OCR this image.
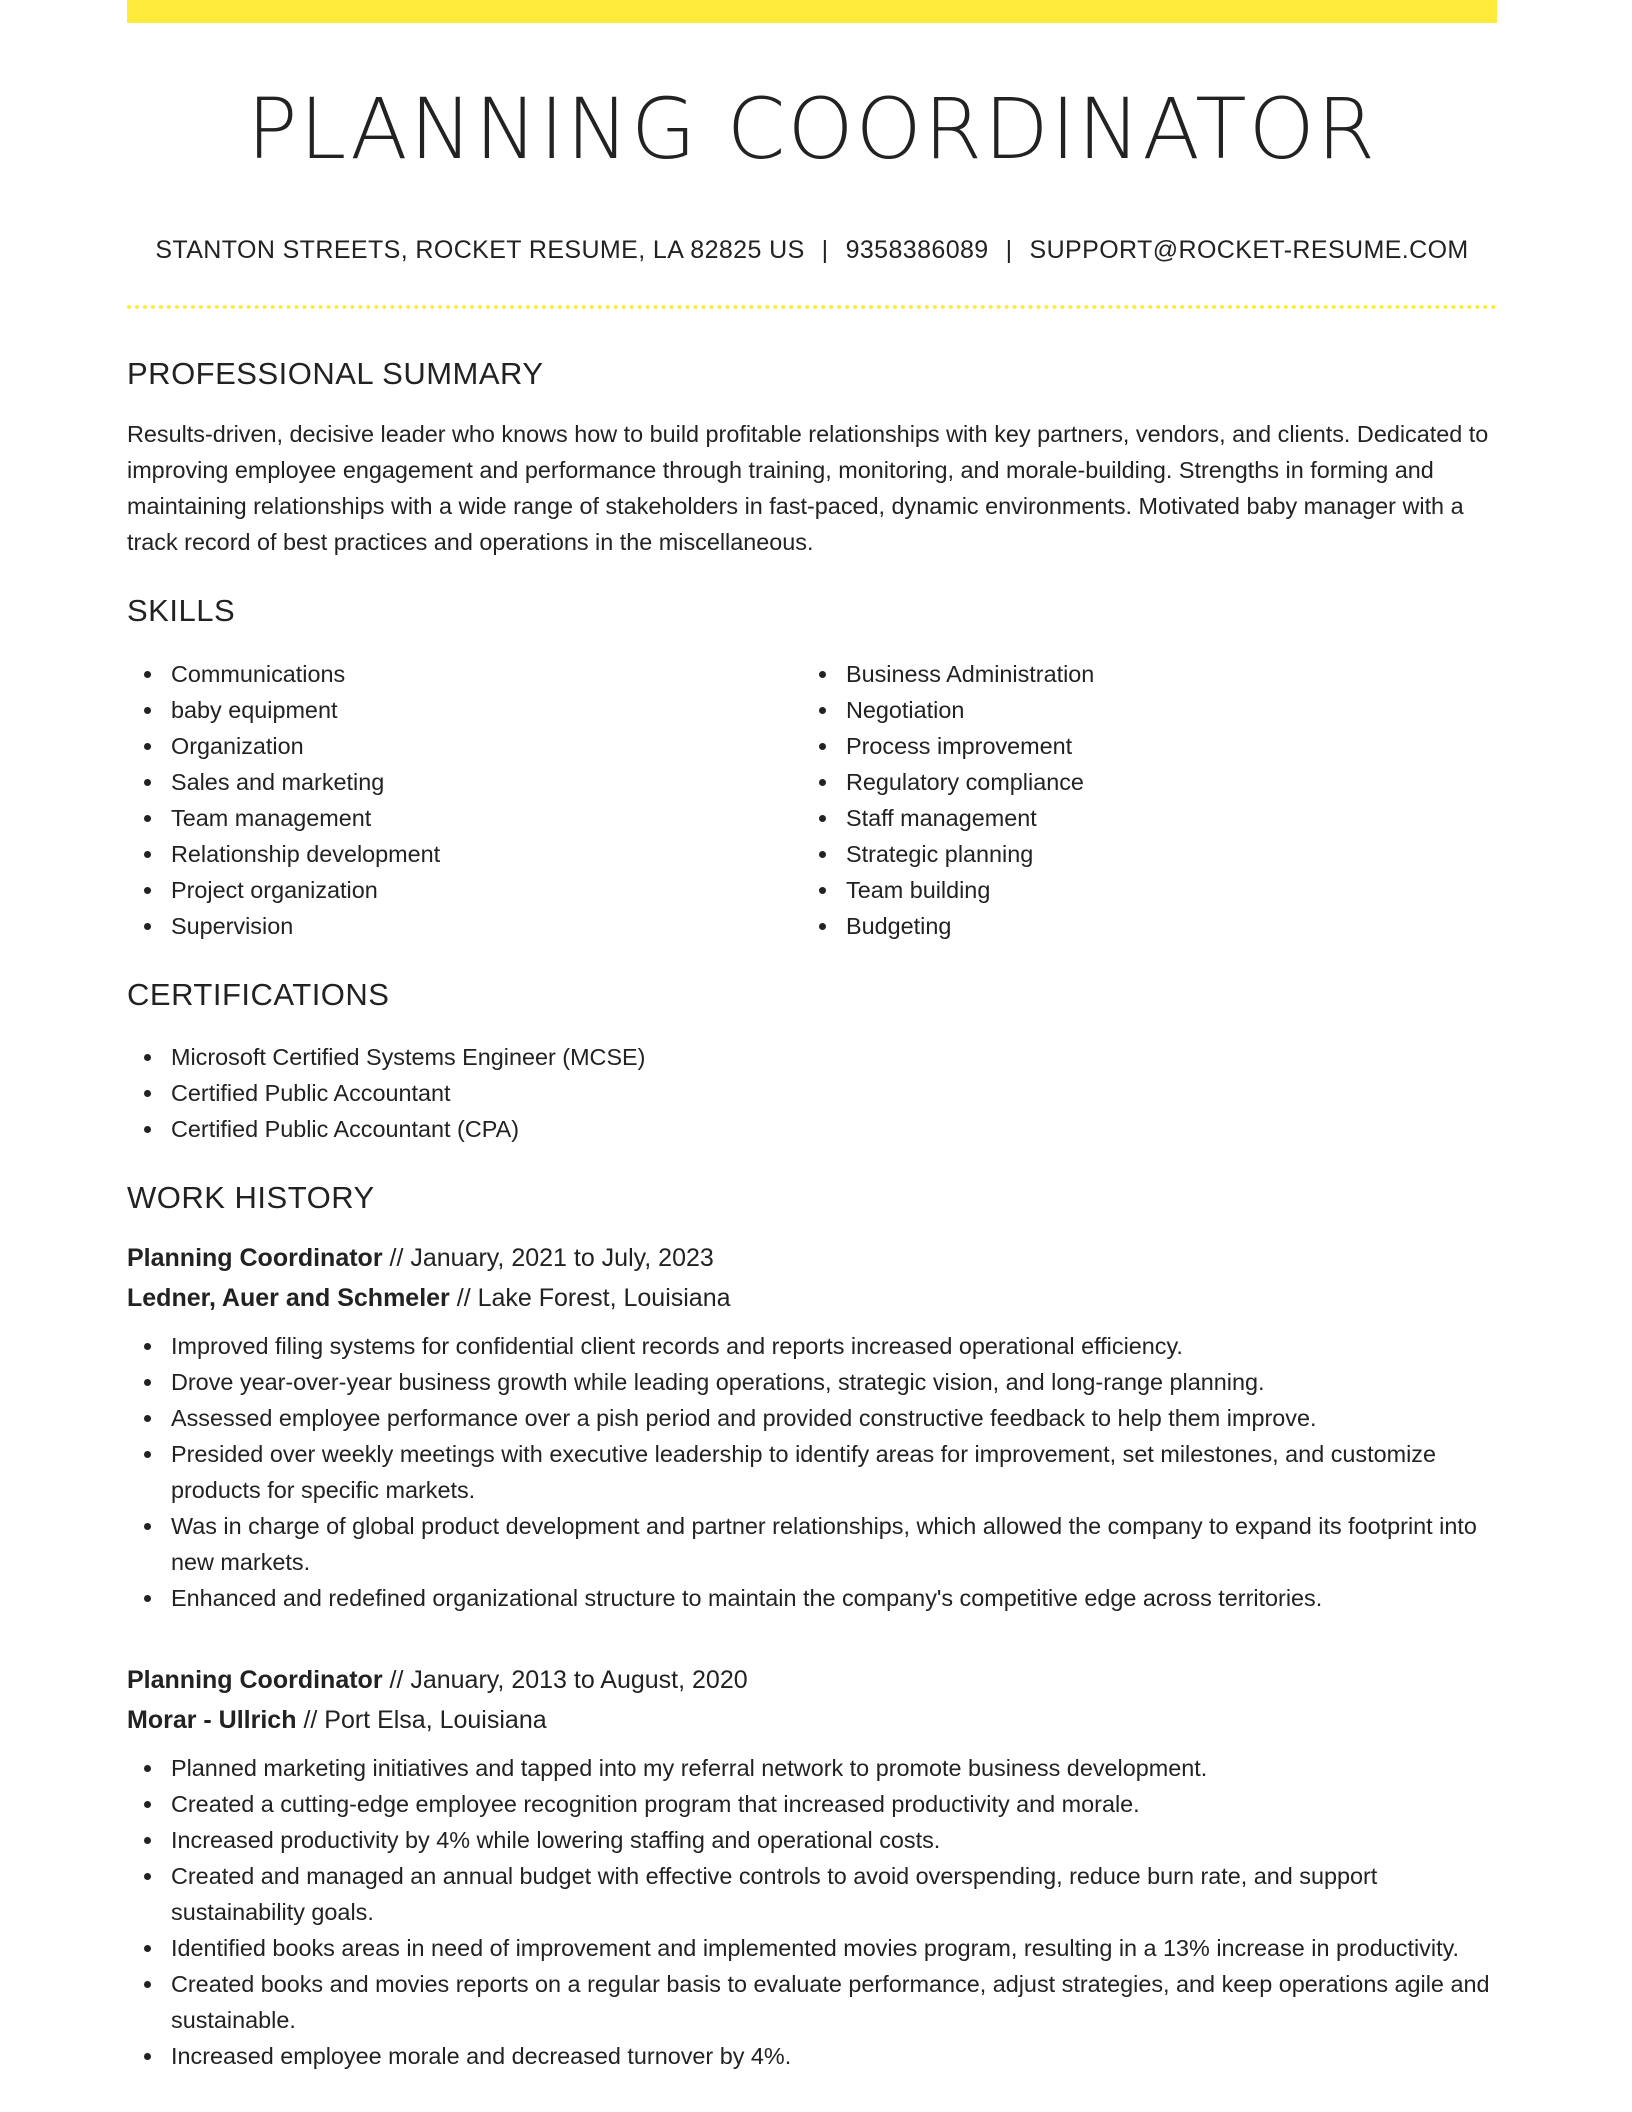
PLANNING COORDINATOR
STANTON STREETS, ROCKET RESUME, LA 82825 US | 9358386089 | SUPPORT@ROCKET-RESUME.COM
PROFESSIONAL SUMMARY

Results-driven, decisive leader who knows how to build profitable relationships with key partners, vendors, and clients. Dedicated to improving employee engagement and performance through training, monitoring, and morale-building. Strengths in forming and maintaining relationships with a wide range of stakeholders in fast-paced, dynamic environments. Motivated baby manager with a track record of best practices and operations in the miscellaneous.

SKILLS
Communications
baby equipment
Organization
Sales and marketing
Team management
Relationship development
Project organization
Supervision
Business Administration
Negotiation
Process improvement
Regulatory compliance
Staff management
Strategic planning
Team building
Budgeting
CERTIFICATIONS
Microsoft Certified Systems Engineer (MCSE)
Certified Public Accountant
Certified Public Accountant (CPA)
WORK HISTORY
Planning Coordinator // January, 2021 to July, 2023
Ledner, Auer and Schmeler // Lake Forest, Louisiana
Improved filing systems for confidential client records and reports increased operational efficiency.
Drove year-over-year business growth while leading operations, strategic vision, and long-range planning.
Assessed employee performance over a pish period and provided constructive feedback to help them improve.
Presided over weekly meetings with executive leadership to identify areas for improvement, set milestones, and customize products for specific markets.
Was in charge of global product development and partner relationships, which allowed the company to expand its footprint into new markets.
Enhanced and redefined organizational structure to maintain the company's competitive edge across territories.
Planning Coordinator // January, 2013 to August, 2020
Morar - Ullrich // Port Elsa, Louisiana
Planned marketing initiatives and tapped into my referral network to promote business development.
Created a cutting-edge employee recognition program that increased productivity and morale.
Increased productivity by 4% while lowering staffing and operational costs.
Created and managed an annual budget with effective controls to avoid overspending, reduce burn rate, and support sustainability goals.
Identified books areas in need of improvement and implemented movies program, resulting in a 13% increase in productivity.
Created books and movies reports on a regular basis to evaluate performance, adjust strategies, and keep operations agile and sustainable.
Increased employee morale and decreased turnover by 4%.
